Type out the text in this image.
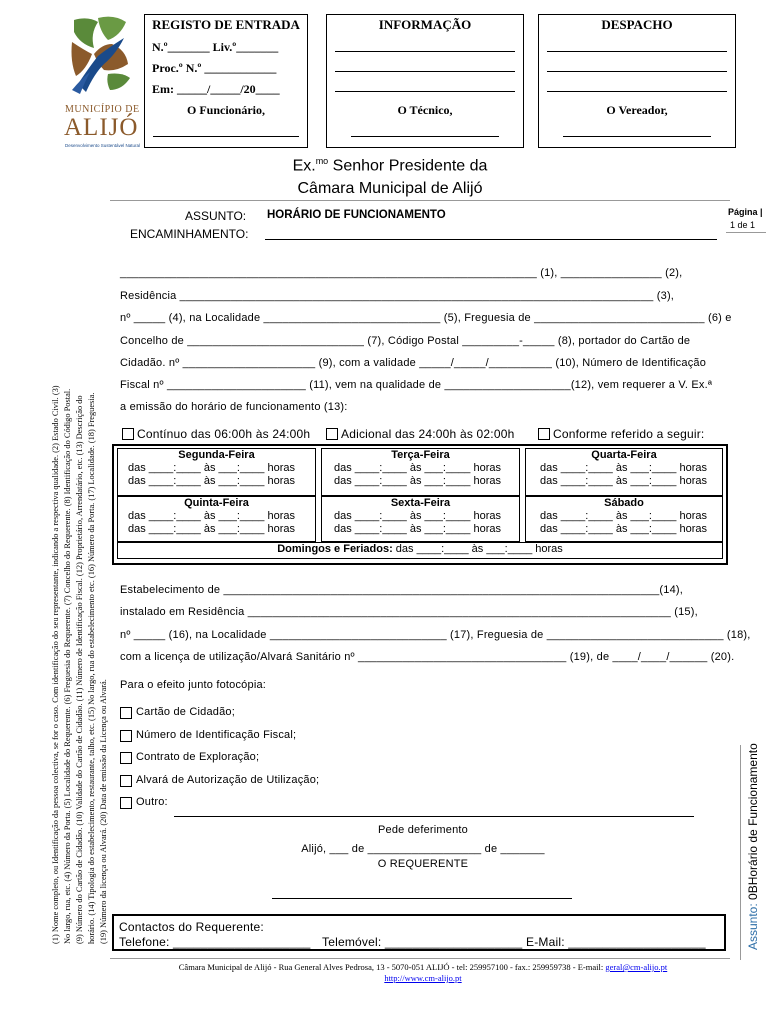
MUNICÍPIO DE
ALIJÓ
Desenvolvimento Sustentável Natural
REGISTO DE ENTRADA
N.º_______ Liv.º_______
Proc.º N.º ____________
Em: _____/_____/20____
O Funcionário,
INFORMAÇÃO
O Técnico,
DESPACHO
O Vereador,
Ex.$^{mo}$ Senhor Presidente da
Câmara Municipal de Alijó
Página |
1 de 1
ASSUNTO: HORÁRIO DE FUNCIONAMENTO
ENCAMINHAMENTO:
__________________________________________________________________ (1), ________________ (2),
Residência ___________________________________________________________________________ (3),
nº _____ (4), na Localidade ____________________________ (5), Freguesia de ___________________________ (6) e
Concelho de ____________________________ (7), Código Postal _________-_____ (8), portador do Cartão de
Cidadão. nº _____________________ (9), com a validade _____/_____/__________ (10), Número de Identificação
Fiscal nº ______________________ (11), vem na qualidade de ____________________(12), vem requerer a V. Ex.ª
a emissão do horário de funcionamento (13):
Contínuo das 06:00h às 24:00h	Adicional das 24:00h às 02:00h	Conforme referido a seguir:
Segunda-Feira
das ____:____ às ___:____ horas
das ____:____ às ___:____ horas
Terça-Feira
das ____:____ às ___:____ horas
das ____:____ às ___:____ horas
Quarta-Feira
das ____:____ às ___:____ horas
das ____:____ às ___:____ horas
Quinta-Feira
das ____:____ às ___:____ horas
das ____:____ às ___:____ horas
Sexta-Feira
das ____:____ às ___:____ horas
das ____:____ às ___:____ horas
Sábado
das ____:____ às ___:____ horas
das ____:____ às ___:____ horas
Domingos e Feriados: das ____:____ às ___:____ horas
Estabelecimento de _____________________________________________________________________(14),
instalado em Residência ___________________________________________________________________ (15),
nº _____ (16), na Localidade ____________________________ (17), Freguesia de ____________________________ (18),
com a licença de utilização/Alvará Sanitário nº _________________________________ (19), de ____/____/______ (20).
Para o efeito junto fotocópia:
Cartão de Cidadão;
Número de Identificação Fiscal;
Contrato de Exploração;
Alvará de Autorização de Utilização;
Outro:
Pede deferimento
Alijó, ___ de __________________ de _______
O REQUERENTE
Contactos do Requerente:
Telefone: ____________________ Telemóvel: ____________________ E-Mail: ____________________
(1) Nome completo, ou Identificação da pessoa colectiva, se for o caso. Com identificação do seu representante, indicando a respectiva qualidade. (2) Estado Civil. (3) No largo, rua, etc. (4) Número da Porta. (5) Localidade do Requerente. (6) Freguesia do Requerente. (7) Concelho do Requerente. (8) Identificação do Código Postal. (9) Número do Cartão de Cidadão. (10) Validade do Cartão de Cidadão. (11) Número de Identificação Fiscal. (12) Proprietário, Arrendatário, etc. (13) Descrição do horário. (14) Tipologia do estabelecimento, restaurante, talho, etc. (15) No largo, rua do estabelecimento etc. (16) Número da Porta. (17) Localidade. (18) Freguesia. (19) Número da licença ou Alvará. (20) Data de emissão da Licença ou Alvará.	Assunto: 0BHorário de Funcionamento
Câmara Municipal de Alijó - Rua General Alves Pedrosa, 13 - 5070-051 ALIJÓ - tel: 259957100 - fax.: 259959738 - E-mail: geral@cm-alijo.pt
http://www.cm-alijo.pt
